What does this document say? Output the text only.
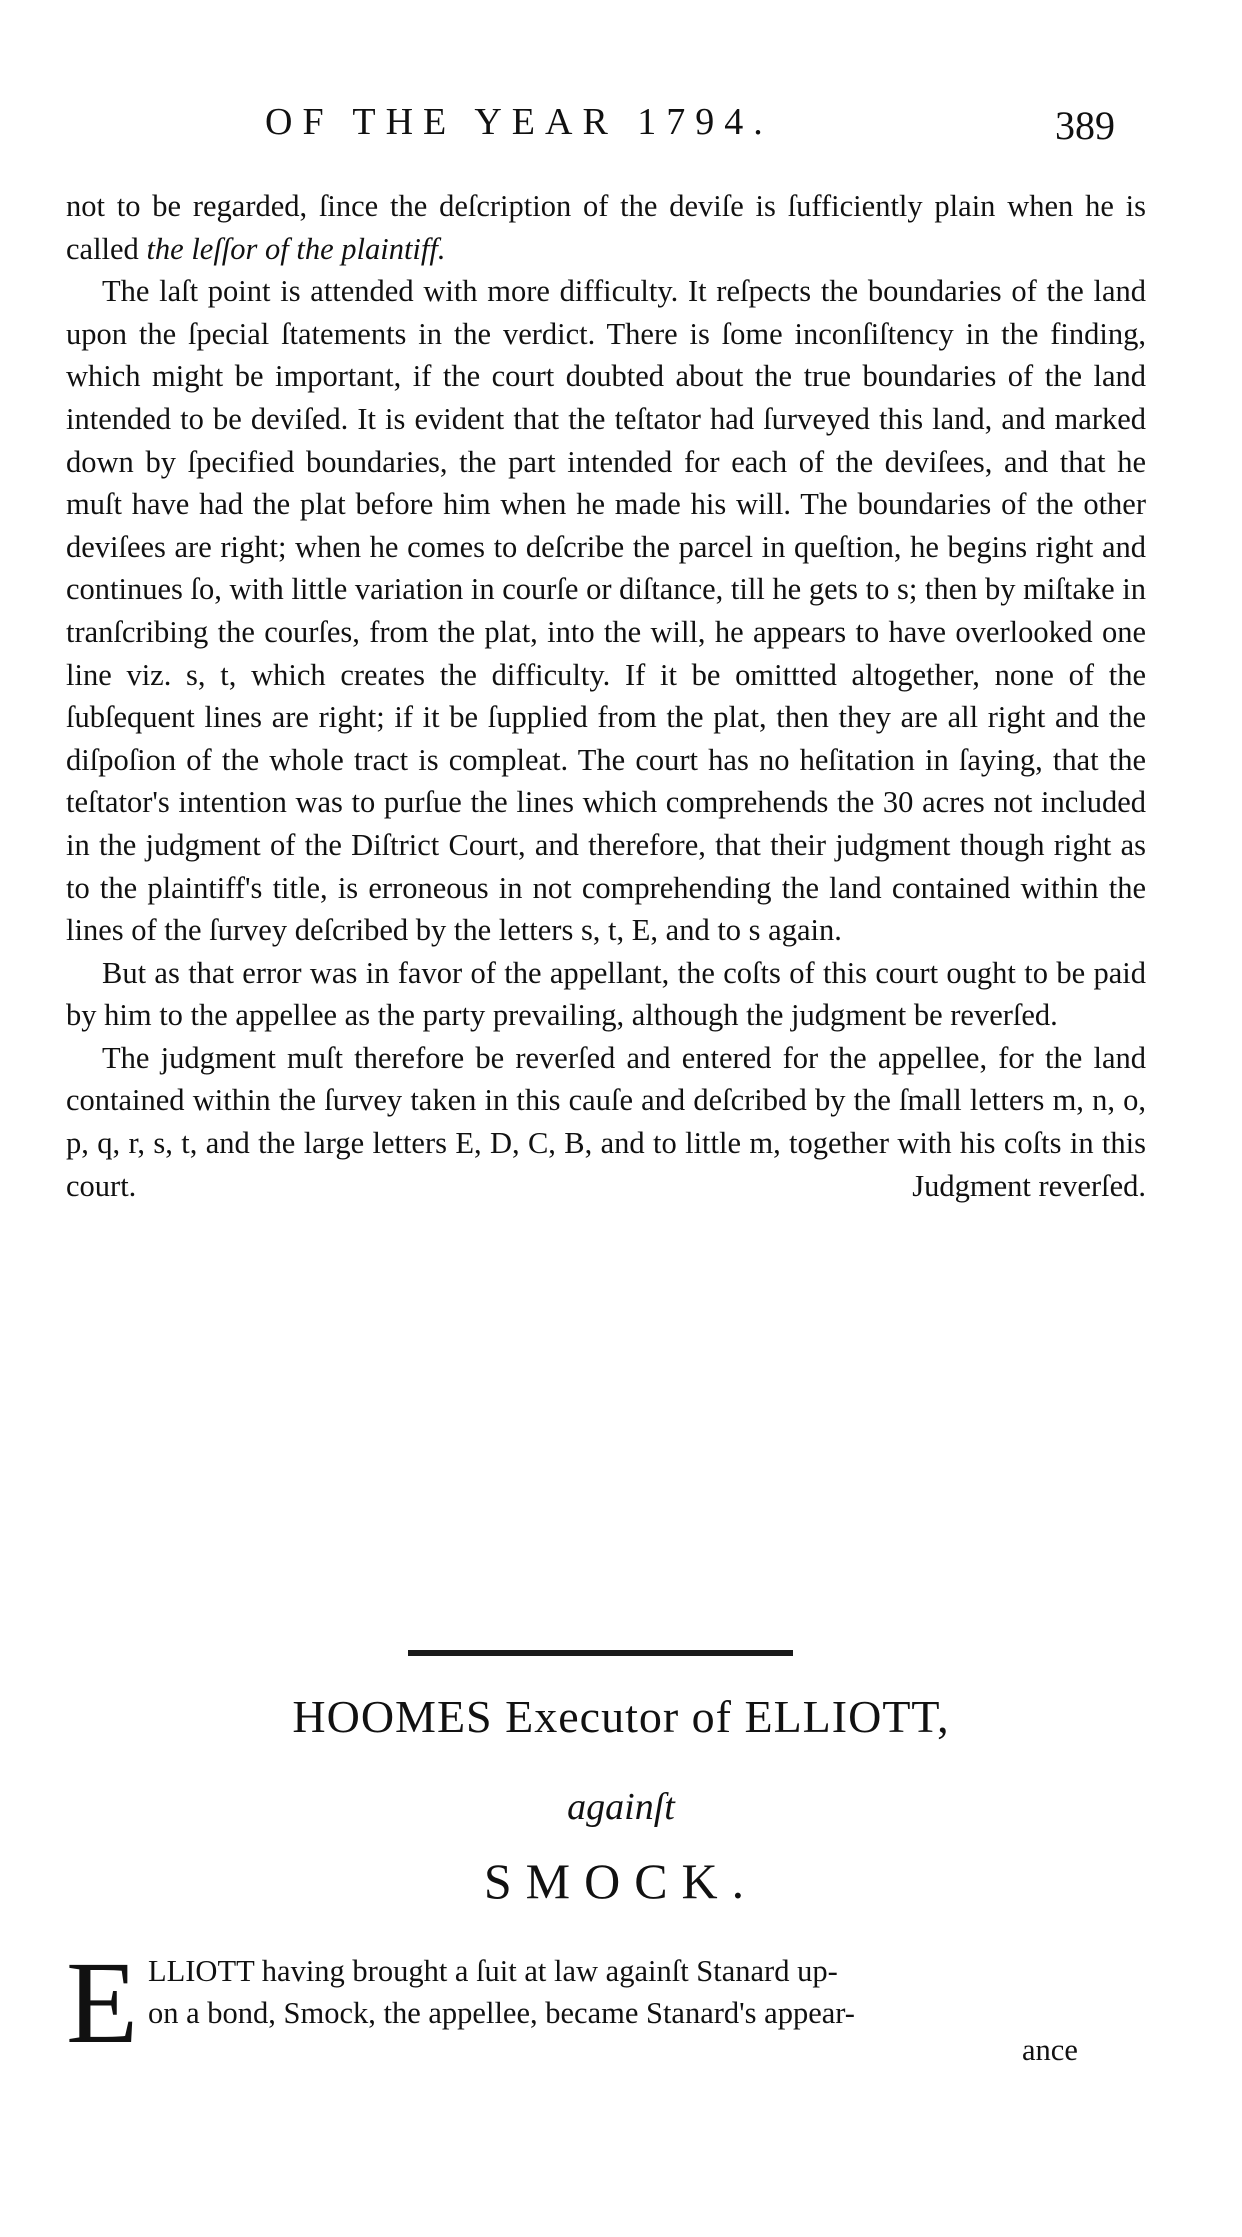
OF THE YEAR 1794.	389

not to be regarded, ſince the deſcription of the deviſe is ſufficiently plain when he is called the leſſor of the plaintiff.

The laſt point is attended with more difficulty. It reſpects the boundaries of the land upon the ſpecial ſtatements in the verdict. There is ſome inconſiſtency in the finding, which might be important, if the court doubted about the true boundaries of the land intended to be deviſed. It is evident that the teſtator had ſurveyed this land, and marked down by ſpecified boundaries, the part intended for each of the deviſees, and that he muſt have had the plat before him when he made his will. The boundaries of the other deviſees are right; when he comes to deſcribe the parcel in queſtion, he begins right and continues ſo, with little variation in courſe or diſtance, till he gets to s; then by miſtake in tranſcribing the courſes, from the plat, into the will, he appears to have overlooked one line viz. s, t, which creates the difficulty. If it be omittted altogether, none of the ſubſequent lines are right; if it be ſupplied from the plat, then they are all right and the diſpoſion of the whole tract is compleat. The court has no heſitation in ſaying, that the teſtator's intention was to purſue the lines which comprehends the 30 acres not included in the judgment of the Diſtrict Court, and therefore, that their judgment though right as to the plaintiff's title, is erroneous in not comprehending the land contained within the lines of the ſurvey deſcribed by the letters s, t, E, and to s again.

But as that error was in favor of the appellant, the coſts of this court ought to be paid by him to the appellee as the party prevailing, although the judgment be reverſed.

The judgment muſt therefore be reverſed and entered for the appellee, for the land contained within the ſurvey taken in this cauſe and deſcribed by the ſmall letters m, n, o, p, q, r, s, t, and the large letters E, D, C, B, and to little m, together with his coſts in this court.	Judgment reverſed.

HOOMES Executor of ELLIOTT,
againſt
SMOCK.
E LLIOTT having brought a ſuit at law againſt Stanard up-
on a bond, Smock, the appellee, became Stanard's appear-
ance
